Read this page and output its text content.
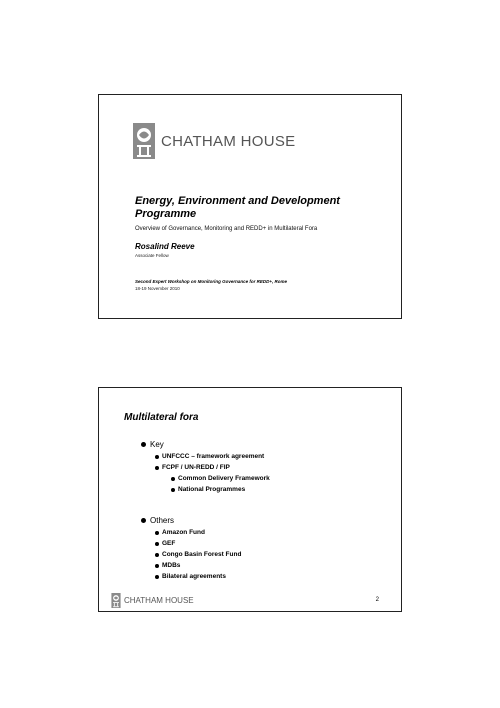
CHATHAM HOUSE
Energy, Environment and Development
Programme
Overview of Governance, Monitoring and REDD+ in Multilateral Fora
Rosalind Reeve
Associate Fellow
Second Expert Workshop on Monitoring Governance for REDD+, Rome
18-19 November 2010
Multilateral fora
Key
UNFCCC – framework agreement
FCPF / UN-REDD / FIP
Common Delivery Framework
National Programmes
Others
Amazon Fund
GEF
Congo Basin Forest Fund
MDBs
Bilateral agreements
CHATHAM HOUSE	2
